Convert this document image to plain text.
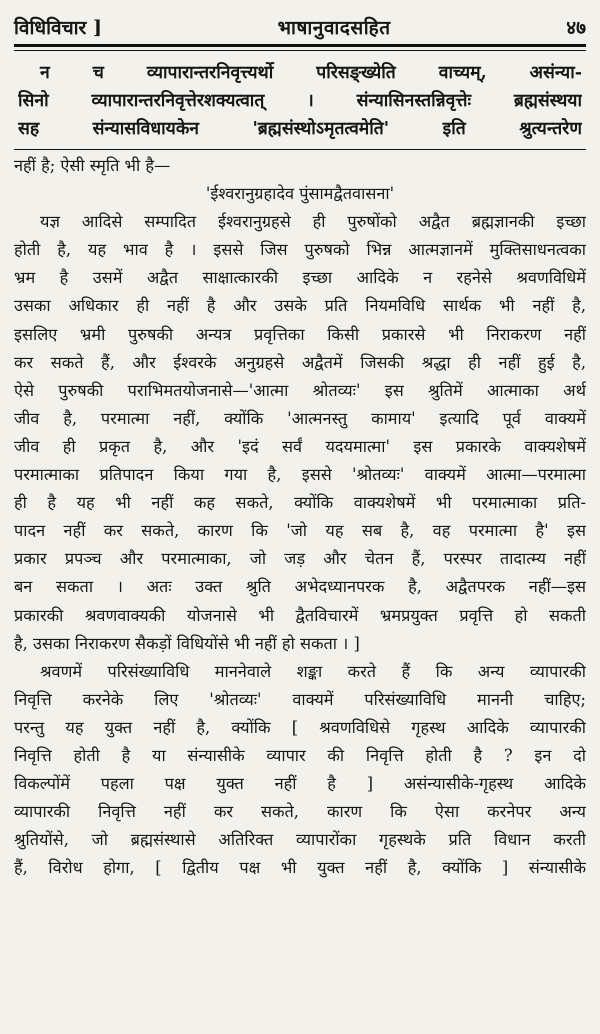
विधिविचार ]	भाषानुवादसहित	४७
न च व्यापारान्तरनिवृत्त्यर्थो परिसङ्ख्येति वाच्यम्, असंन्या-
सिनो व्यापारान्तरनिवृत्तेरशक्यत्वात् । संन्यासिनस्तन्निवृत्तेः ब्रह्मसंस्थया
सह संन्यासविधायकेन 'ब्रह्मसंस्थोऽमृतत्वमेति' इति श्रुत्यन्तरेण
नहीं है; ऐसी स्मृति भी है—
'ईश्वरानुग्रहादेव पुंसामद्वैतवासना'
यज्ञ आदिसे सम्पादित ईश्वरानुग्रहसे ही पुरुषोंको अद्वैत ब्रह्मज्ञानकी इच्छा
होती है, यह भाव है । इससे जिस पुरुषको भिन्न आत्मज्ञानमें मुक्तिसाधनत्वका
भ्रम है उसमें अद्वैत साक्षात्कारकी इच्छा आदिके न रहनेसे श्रवणविधिमें
उसका अधिकार ही नहीं है और उसके प्रति नियमविधि सार्थक भी नहीं है,
इसलिए भ्रमी पुरुषकी अन्यत्र प्रवृत्तिका किसी प्रकारसे भी निराकरण नहीं
कर सकते हैं, और ईश्वरके अनुग्रहसे अद्वैतमें जिसकी श्रद्धा ही नहीं हुई है,
ऐसे पुरुषकी पराभिमतयोजनासे—'आत्मा श्रोतव्यः' इस श्रुतिमें आत्माका अर्थ
जीव है, परमात्मा नहीं, क्योंकि 'आत्मनस्तु कामाय' इत्यादि पूर्व वाक्यमें
जीव ही प्रकृत है, और 'इदं सर्वं यदयमात्मा' इस प्रकारके वाक्यशेषमें
परमात्माका प्रतिपादन किया गया है, इससे 'श्रोतव्यः' वाक्यमें आत्मा—परमात्मा
ही है यह भी नहीं कह सकते, क्योंकि वाक्यशेषमें भी परमात्माका प्रति-
पादन नहीं कर सकते, कारण कि 'जो यह सब है, वह परमात्मा है' इस
प्रकार प्रपञ्च और परमात्माका, जो जड़ और चेतन हैं, परस्पर तादात्म्य नहीं
बन सकता । अतः उक्त श्रुति अभेदध्यानपरक है, अद्वैतपरक नहीं—इस
प्रकारकी श्रवणवाक्यकी योजनासे भी द्वैतविचारमें भ्रमप्रयुक्त प्रवृत्ति हो सकती
है, उसका निराकरण सैकड़ों विधियोंसे भी नहीं हो सकता । ]
श्रवणमें परिसंख्याविधि माननेवाले शङ्का करते हैं कि अन्य व्यापारकी
निवृत्ति करनेके लिए 'श्रोतव्यः' वाक्यमें परिसंख्याविधि माननी चाहिए;
परन्तु यह युक्त नहीं है, क्योंकि [ श्रवणविधिसे गृहस्थ आदिके व्यापारकी
निवृत्ति होती है या संन्यासीके व्यापार की निवृत्ति होती है ? इन दो
विकल्पोंमें पहला पक्ष युक्त नहीं है ] असंन्यासीके-गृहस्थ आदिके
व्यापारकी निवृत्ति नहीं कर सकते, कारण कि ऐसा करनेपर अन्य
श्रुतियोंसे, जो ब्रह्मसंस्थासे अतिरिक्त व्यापारोंका गृहस्थके प्रति विधान करती
हैं, विरोध होगा, [ द्वितीय पक्ष भी युक्त नहीं है, क्योंकि ] संन्यासीके
